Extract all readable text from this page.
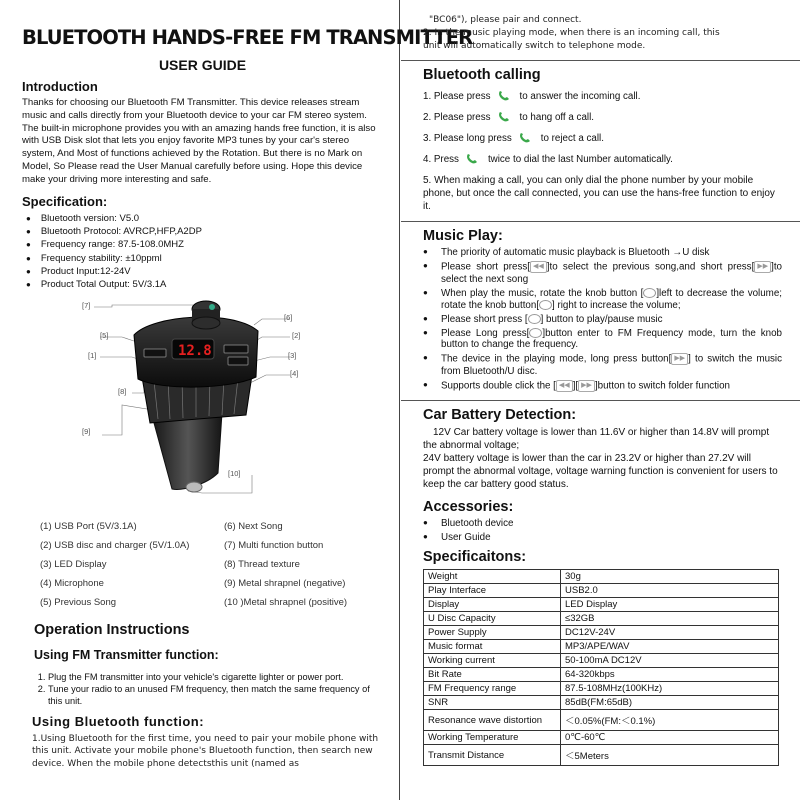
BLUETOOTH HANDS-FREE FM TRANSMITTER
USER GUIDE
Introduction

Thanks for choosing our Bluetooth FM Transmitter. This device releases stream music and calls directly from your Bluetooth device to your car FM stereo system. The built-in microphone provides you with an amazing hands free function, it is also with USB Disk slot that lets you enjoy favorite MP3 tunes by your car's stereo system, And Most of functions achieved by the Rotation. But there is no Mark on Model, So Please read the User Manual carefully before using. Hope this device make your driving more interesting and safe.

Specification:
● Bluetooth version: V5.0
● Bluetooth Protocol: AVRCP,HFP,A2DP
● Frequency range: 87.5-108.0MHZ
● Frequency stability: ±10ppml
● Product Input:12-24V
● Product Total Output: 5V/3.1A
12.8
[7]
[5]
[1]
[8]
[9]
[6]
[2]
[3]
[4]
[10]
(1) USB Port (5V/3.1A)	(6) Next Song
(2) USB disc and charger (5V/1.0A)	(7) Multi function button
(3) LED Display	(8) Thread texture
(4) Microphone	(9) Metal shrapnel (negative)
(5) Previous Song	(10 )Metal shrapnel (positive)
Operation Instructions
Using FM Transmitter function:
1. Plug the FM transmitter into your vehicle's cigarette lighter or power port.
2. Tune your radio to an unused FM frequency, then match the same frequency of this unit.
Using Bluetooth function:
1.Using Bluetooth for the first time, you need to pair your mobile phone with this unit. Activate your mobile phone's Bluetooth function, then search new device. When the mobile phone detectsthis unit (named as
"BC06"), please pair and connect.
2. In the music playing mode, when there is an incoming call, this
unit will automatically switch to telephone mode.
Bluetooth calling
1. Please press	to answer the incoming call.
2. Please press	to hang off a call.
3. Please long press	to reject a call.
4. Press	twice to dial the last Number automatically.

5. When making a call, you can only dial the phone number by your mobile phone, but once the call connected, you can use the hans-free function to enjoy it.

Music Play:
● The priority of automatic music playback is Bluetooth →U disk
● Please short press[ ◀◀ ]to select the previous song,and short press[ ▶▶ ]to select the next song
● When play the music, rotate the knob button [ ]left to decrease the volume; rotate the knob button[ ] right to increase the volume;
● Please short press [ ] button to play/pause music
● Please Long press[ ]button enter to FM Frequency mode, turn the knob button to change the frequency.
● The device in the playing mode, long press button[ ▶▶ ] to switch the music from Bluetooth/U disc.
● Supports double click the [ ◀◀ ][ ▶▶ ]button to switch folder function
Car Battery Detection:

12V Car battery voltage is lower than 11.6V or higher than 14.8V will prompt the abnormal voltage;

24V battery voltage is lower than the car in 23.2V or higher than 27.2V will prompt the abnormal voltage, voltage warning function is convenient for users to keep the car battery good status.

Accessories:
● Bluetooth device
● User Guide
Specificaitons:
Weight	30g
Play Interface	USB2.0
Display	LED Display
U Disc Capacity	≤32GB
Power Supply	DC12V-24V
Music format	MP3/APE/WAV
Working current	50-100mA DC12V
Bit Rate	64-320kbps
FM Frequency range	87.5-108MHz(100KHz)
SNR	85dB(FM:65dB)
Resonance wave distortion	＜0.05%(FM:＜0.1%)
Working Temperature	0℃-60℃
Transmit Distance	＜5Meters
